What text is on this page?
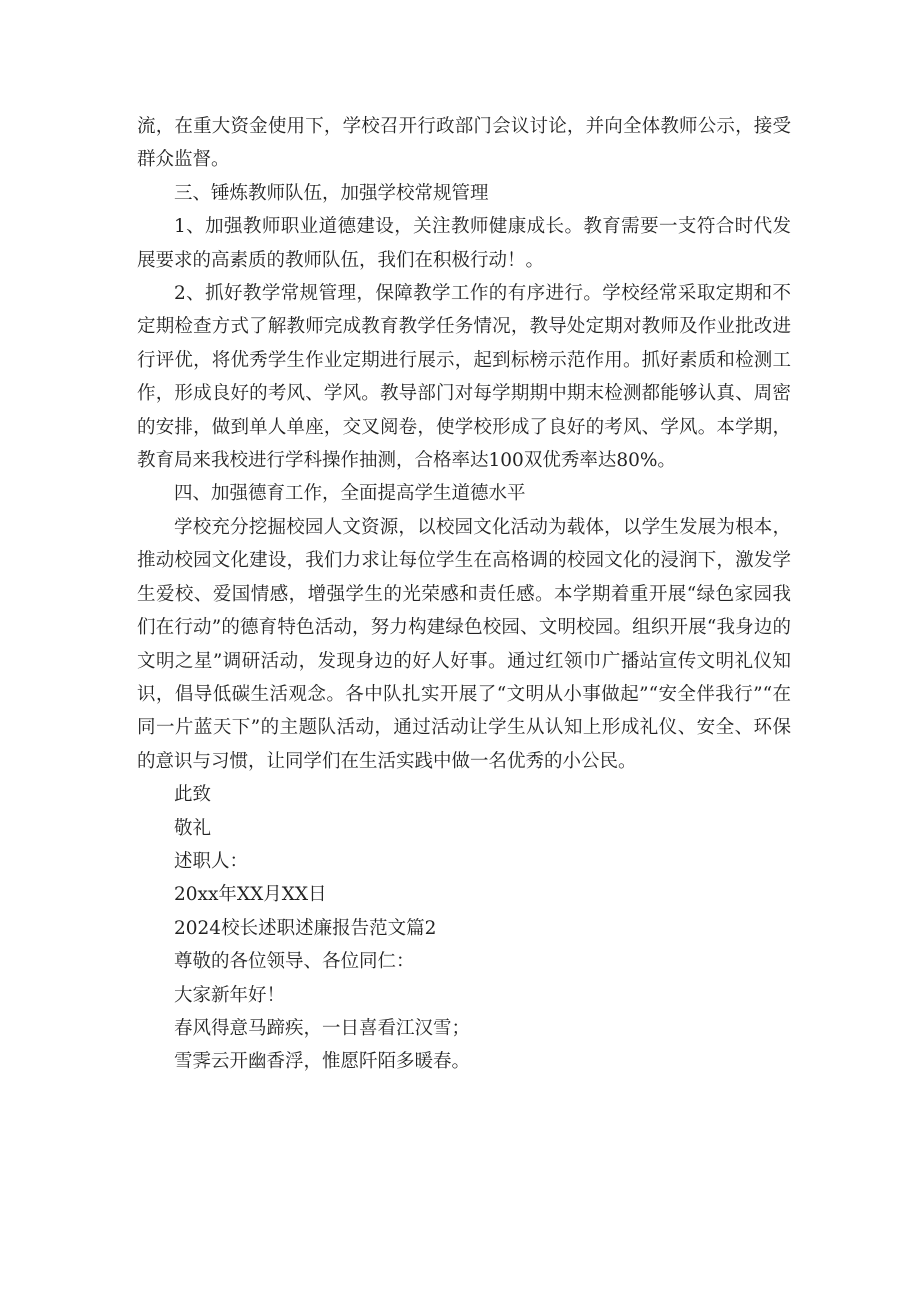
流，在重大资金使用下，学校召开行政部门会议讨论，并向全体教师公示，接受群众监督。

三、锤炼教师队伍，加强学校常规管理

1、加强教师职业道德建设，关注教师健康成长。教育需要一支符合时代发展要求的高素质的教师队伍，我们在积极行动！。

2、抓好教学常规管理，保障教学工作的有序进行。学校经常采取定期和不定期检查方式了解教师完成教育教学任务情况，教导处定期对教师及作业批改进行评优，将优秀学生作业定期进行展示，起到标榜示范作用。抓好素质和检测工作，形成良好的考风、学风。教导部门对每学期期中期末检测都能够认真、周密的安排，做到单人单座，交叉阅卷，使学校形成了良好的考风、学风。本学期，教育局来我校进行学科操作抽测，合格率达100双优秀率达80%。

四、加强德育工作，全面提高学生道德水平

学校充分挖掘校园人文资源，以校园文化活动为载体，以学生发展为根本，推动校园文化建设，我们力求让每位学生在高格调的校园文化的浸润下，激发学生爱校、爱国情感，增强学生的光荣感和责任感。本学期着重开展“绿色家园我们在行动”的德育特色活动，努力构建绿色校园、文明校园。组织开展“我身边的文明之星”调研活动，发现身边的好人好事。通过红领巾广播站宣传文明礼仪知识，倡导低碳生活观念。各中队扎实开展了“文明从小事做起”“安全伴我行”“在同一片蓝天下”的主题队活动，通过活动让学生从认知上形成礼仪、安全、环保的意识与习惯，让同学们在生活实践中做一名优秀的小公民。

此致

敬礼

述职人：

20xx年XX月XX日

2024校长述职述廉报告范文篇2

尊敬的各位领导、各位同仁：

大家新年好！

春风得意马蹄疾，一日喜看江汉雪；

雪霁云开幽香浮，惟愿阡陌多暖春。
